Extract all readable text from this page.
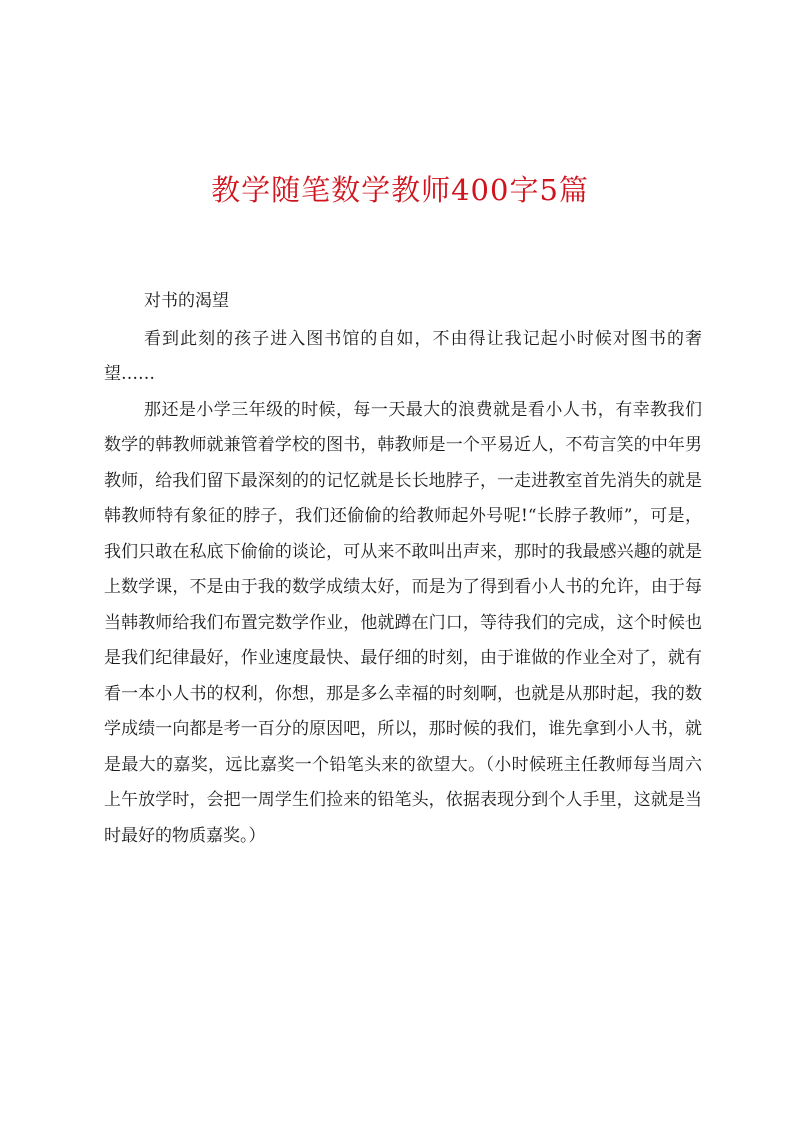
教学随笔数学教师400字5篇

对书的渴望

看到此刻的孩子进入图书馆的自如，不由得让我记起小时候对图书的奢望……

那还是小学三年级的时候，每一天最大的浪费就是看小人书，有幸教我们数学的韩教师就兼管着学校的图书，韩教师是一个平易近人，不苟言笑的中年男教师，给我们留下最深刻的的记忆就是长长地脖子，一走进教室首先消失的就是韩教师特有象征的脖子，我们还偷偷的给教师起外号呢!“长脖子教师”，可是，我们只敢在私底下偷偷的谈论，可从来不敢叫出声来，那时的我最感兴趣的就是上数学课，不是由于我的数学成绩太好，而是为了得到看小人书的允许，由于每当韩教师给我们布置完数学作业，他就蹲在门口，等待我们的完成，这个时候也是我们纪律最好，作业速度最快、最仔细的时刻，由于谁做的作业全对了，就有看一本小人书的权利，你想，那是多么幸福的时刻啊，也就是从那时起，我的数学成绩一向都是考一百分的原因吧，所以，那时候的我们，谁先拿到小人书，就是最大的嘉奖，远比嘉奖一个铅笔头来的欲望大。（小时候班主任教师每当周六上午放学时，会把一周学生们捡来的铅笔头，依据表现分到个人手里，这就是当时最好的物质嘉奖。）
